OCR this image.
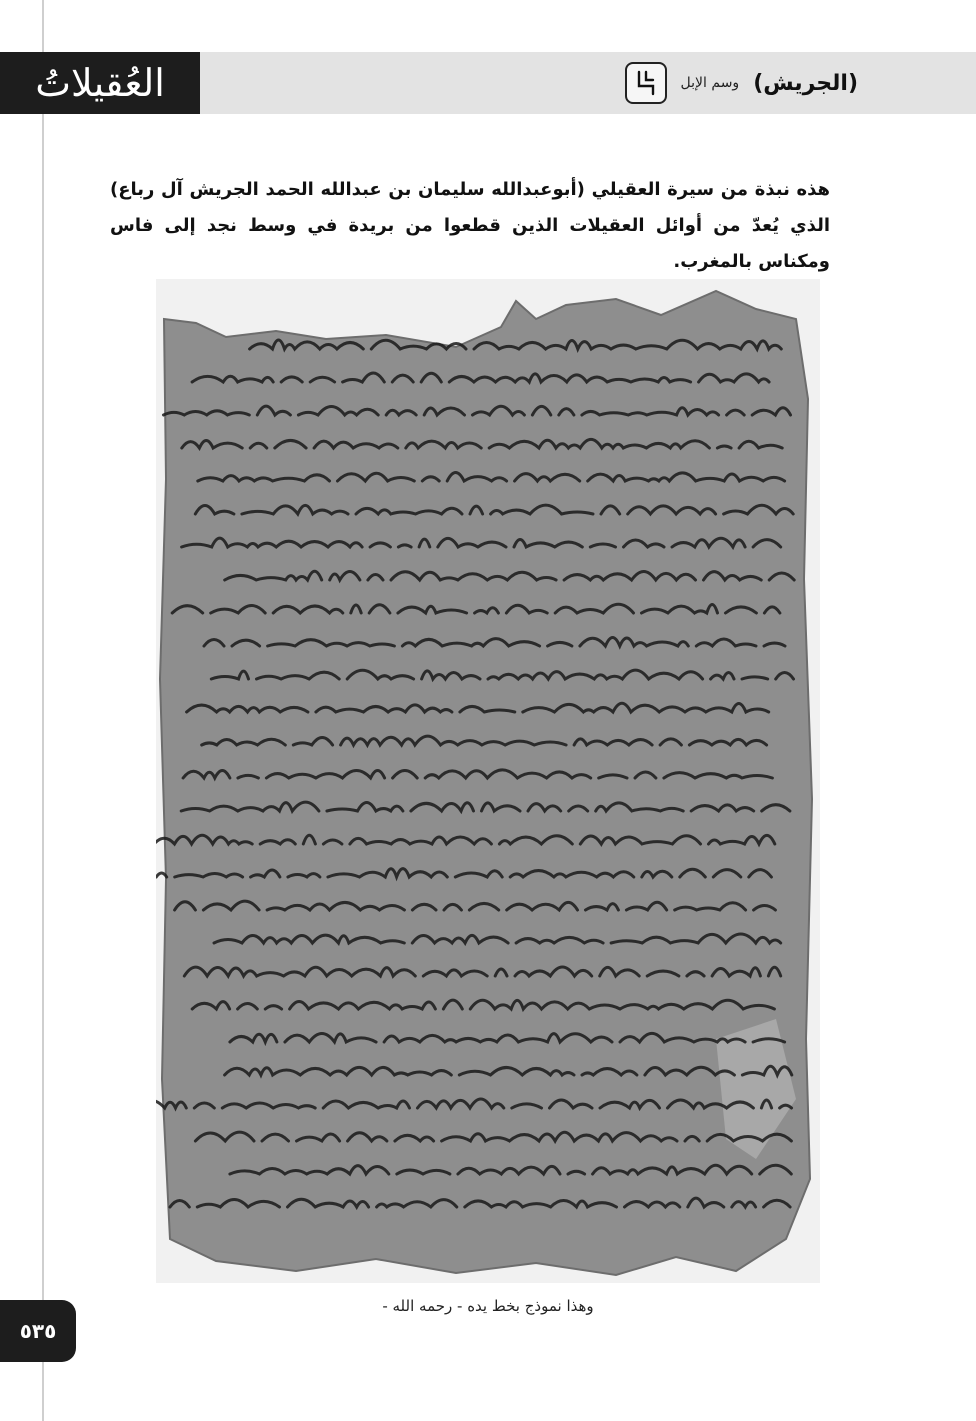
العُقيلاتُ	(الجريش)
وسم الإبل
هذه نبذة من سيرة العقيلي (أبوعبدالله سليمان بن عبدالله الحمد الجريش آل رباع) الذي يُعدّ من أوائل العقيلات الذين قطعوا من بريدة في وسط نجد إلى فاس ومكناس بالمغرب.
وهذا نموذج بخط يده - رحمه الله -
٥٣٥
